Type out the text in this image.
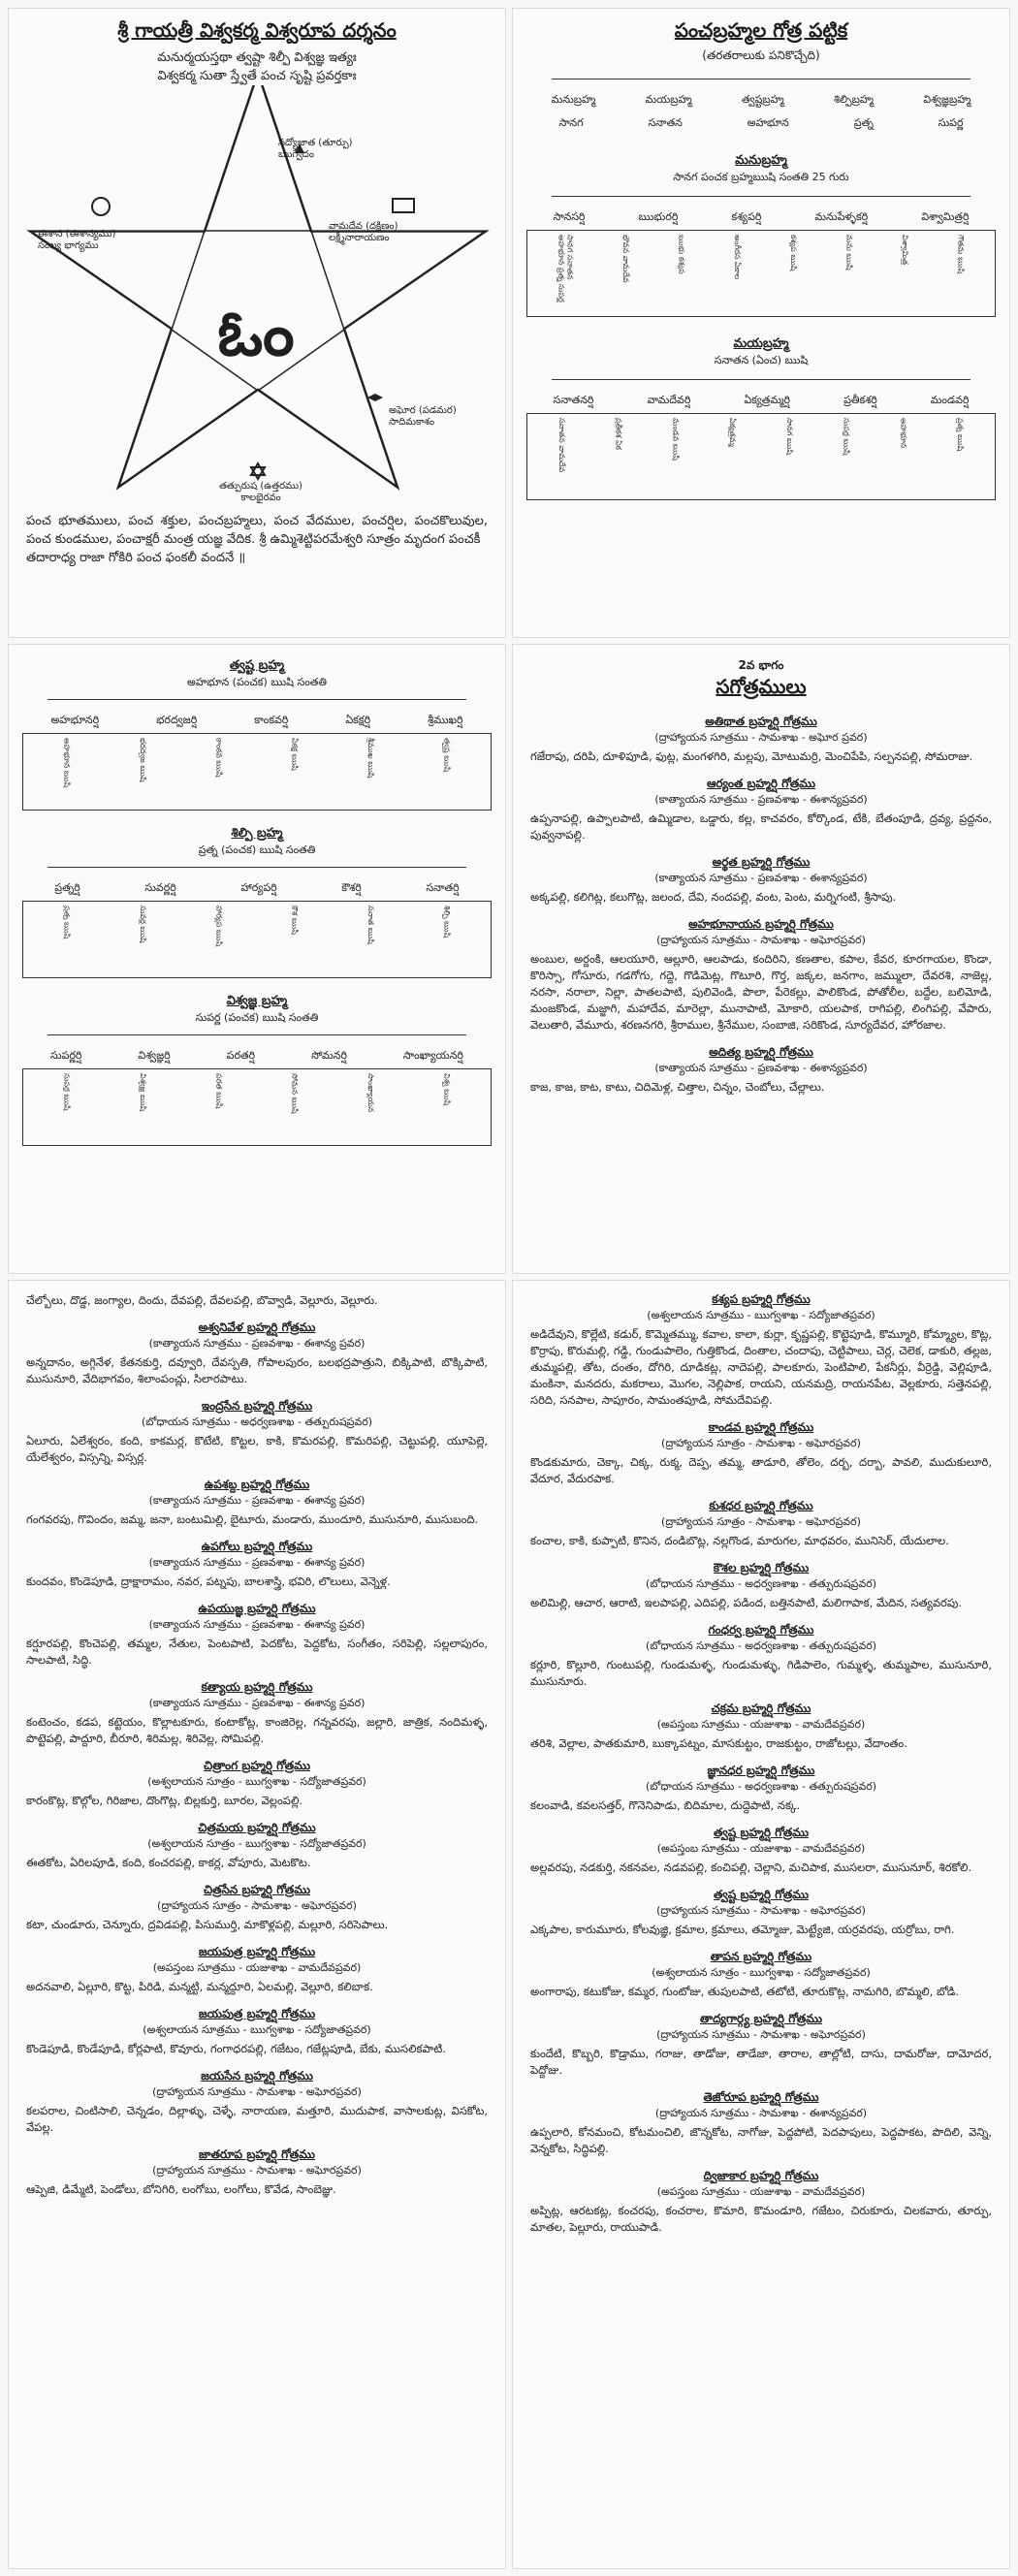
శ్రీ గాయత్రీ విశ్వకర్మ విశ్వరూప దర్శనం
మనుర్మయస్తథా త్వష్టా శిల్పీ విశ్వజ్ఞ ఇత్యః
విశ్వకర్మ సుతా స్త్వేతే పంచ సృష్టి ప్రవర్తకాః
ఓం
సద్యోజాత (తూర్పు) ఋగ్వేదం
ఈశాన (ఈశాన్యము) సంఖ్య భాగ్యము
వామదేవ (దక్షిణం) లక్ష్మీనారాయణం
అఘోర (పడమర) సాదిమకాశం
తత్పురుష (ఉత్తరము) కాలభైరవం
పంచ భూతములు, పంచ శక్తుల, పంచబ్రహ్మలు, పంచ వేదముల, పంచర్షిల, పంచకొలువుల, పంచ కుండముల, పంచాక్షరీ మంత్ర యజ్ఞ వేదిక. శ్రీ ఉమ్మిశెట్టిపరమేశ్వరి సూత్రం మృదంగ పంచకీ
తదారాధ్య రాజా గోకిరి పంచ ఫంకలీ వందనే ॥
పంచబ్రహ్మల గోత్ర పట్టిక
(తరతరాలుకు పనికొచ్చేది)
మనుబ్రహ్మ	మయబ్రహ్మ	త్వష్టబ్రహ్మ	శిల్పిబ్రహ్మ	విశ్వజ్ఞబ్రహ్మ
సానగ	సనాతన	అహభూన	ప్రత్న	సుపర్ణ
మనుబ్రహ్మ
సానగ పంచక బ్రహ్మఋషి సంతతి 25 గురు
సానసర్షి	ఋభురర్షి	కశ్యపర్షి	మనుపేళ్ళకర్షి	విశ్వామిత్రర్షి
సానగ సనాతన అహభూన ప్రత్న సుపర్ణ	భౌవన వామదేవ	ఋభు కశ్యప	అంగీరస ఏకాల	కశ్యప ఋషి	మను ఋషి	విశ్వామిత్ర	గౌతమ ఋషి
మయబ్రహ్మ
సనాతన (ఏంచ) ఋషి
సనాతనర్షి	వామదేవర్షి	ఏక్యత్రమ్మర్షి	ప్రతీకశర్షి	మండవర్షి
సనాతన వామదేవ	ప్రతీకశ ఏక	మండవ ఋషి	ఏక్యత్రమ్మ	సానగ ఋషి	సుపర్ణ ఋషి	అహభూన	ప్రత్న ఋషి
త్వష్ట బ్రహ్మ
అహభూన (పంచక) ఋషి సంతతి
అహభూనర్షి	భరద్వజర్షి	కాంకవర్షి	ఏకక్షర్షి	శ్రీముఖర్షి
అహభూన ఋషి	భరద్వజ ఋషి	కాంకవ ఋషి	ఏకక్ష ఋషి	శ్రీముఖ ఋషి	త్వష్ట ఋషి
శిల్పి బ్రహ్మ
ప్రత్న (పంచక) ఋషి సంతతి
ప్రత్నర్షి	సువర్ణర్షి	హార్యపర్షి	కౌశర్షి	సనాతర్షి
ప్రత్న ఋషి	సువర్ణ ఋషి	హార్యప ఋషి	కౌశ ఋషి	సనాత ఋషి	శిల్పి ఋషి
విశ్వజ్ఞ బ్రహ్మ
సుపర్ణ (పంచక) ఋషి సంతతి
సుపర్ణర్షి	విశ్వజ్ఞర్షి	పరతర్షి	సోమనర్షి	సాంఖ్యాయనర్షి
సుపర్ణ ఋషి	విశ్వజ్ఞ ఋషి	పరత ఋషి	సోమన ఋషి	సాంఖ్యాయన	విశ్వ ఋషి
2వ భాగం
సగోత్రములు
అతిథాత బ్రహ్మర్షి గోత్రము
(ద్రాహ్యాయన సూత్రము - సామశాఖ - అఘోర ప్రవర)
గజేరాపు, దరిపి, దూళిపూడి, ఫుట్ల, మంగళగిరి, మల్లపు, మోటుమర్రి, మెంచిపేపి, సల్పనపల్లి, సోమరాజు.
ఆర్యంత బ్రహ్మర్షి గోత్రము
(కాత్యాయన సూత్రము - ప్రణవశాఖ - ఈశాన్యప్రవర)
ఉప్పనాపల్లి, ఉప్పాలపాటి, ఉమ్మిడాల, ఒడ్డారు, కల్ల, కాచవరం, కోర్కొండ, టేకి, బేతంపూడి, ద్రవ్య, ప్రద్దనం, పువ్వనాపల్లి.
అర్థత బ్రహ్మర్షి గోత్రము
(కాత్యాయన సూత్రము - ప్రణవశాఖ - ఈశాన్యప్రవర)
అక్కపల్లి, కలిగిట్ల, కలుగొట్ల, జలంద, దేవి, నందపల్లి, వంట, పెంట, మర్నిగంటి, శ్రీసాపు.
అహభూనాయన బ్రహ్మర్షి గోత్రము
(ద్రాహ్యాయన సూత్రము - సామశాఖ - అఘోరప్రవర)
అంబుల, అర్దంకి, ఆలయూరి, ఆల్లూరి, ఆలపాడు, కందిరిని, కణతాల, కపాల, కేవర, కూరగాయల, కొండా, కొరిస్సా, గోసూరు, గడగోగు, గద్దె, గొడిమెట్ల, గొటూరి, గొర్త, జక్కల, జనగాం, జమ్ములా, దేవరశి, నాజెల్ల, నరసా, నరాలా, నిల్లా, పాతలపాటి, పులివెండి, పొలా, పేరెకల్లు, పాలికొండ, పోతోలీల, బద్దేల, బలిమోడి, మంజకొండ, మజ్జాగి, మహాదేవ, మారెల్లా, మునాపాటి, మోకారి, యలపాక, రాగిపల్లి, లింగిపల్లి, వేపారు, వెలుతారి, వేమూరు, శరణనగరి, శ్రీరాముల, శ్రీనేముల, సంబాజి, సరికొండ, సూర్యదేవర, హోరజాల.
అదిత్య బ్రహ్మర్షి గోత్రము
(కాత్యాయన సూత్రము - ప్రణవశాఖ - ఈశాన్యప్రవర)
కాజ, కాజ, కాట, కాటు, చిదిమెళ్ల, చిత్తాల, చిన్నం, చెంబోలు, చేల్లాలు.
చేల్బోలు, దొడ్డ, జంగ్యాల, దిందు, దేవపల్లి, దేవలపల్లి, బొవ్వాడి, వెల్లూరు, వెల్లూరు.
అశ్వనివేళ బ్రహ్మర్షి గోత్రము
(కాత్యాయన సూత్రము - ప్రణవశాఖ - ఈశాన్య ప్రవర)
అన్నదానం, అగ్గినేళ, కేతనకుర్తి, దవ్వూరి, దేవస్పతి, గోపాలపురం, బలభద్రపాత్రుని, బిక్కిపాటి, బొక్కిపాటి, ముసునూరి, వేదిభాగవం, శిలాంపంచ్లు, సిలారపాటు.
ఇంద్రసేన బ్రహ్మర్షి గోత్రము
(బోధాయన సూత్రము - అధర్వణశాఖ - తత్పురుషప్రవర)
ఏలూరు, ఏలేశ్వరం, కంది, కాకమర్ల, కొటేటి, కొట్టల, కాకి, కొమరపల్లి, కొమరిపల్లి, చెట్టుపల్లి, యూపెల్లె, యేలేశ్వరం, విస్సన్ని, విస్సర్ల.
ఉపశబ్ద బ్రహ్మర్షి గోత్రము
(కాత్యాయన సూత్రము - ప్రణవశాఖ - ఈశాన్య ప్రవర)
గంగవరపు, గొవిందం, జమ్మ, జనా, బంటుమిల్లి, బైటూరు, మండారు, ముందూరి, ముసునూరి, ముసుబంది.
ఉపగోలు బ్రహ్మర్షి గోత్రము
(కాత్యాయన సూత్రము - ప్రణవశాఖ - ఈశాన్య ప్రవర)
కుందవం, కొండెపూడి, ద్రాక్షారామం, నవర, పట్నపు, బాలశాస్త్రి, భవిరి, లొలులు, వెన్నెళ్ల.
ఉపయుజ్ఞ బ్రహ్మర్షి గోత్రము
(కాత్యాయన సూత్రము - ప్రణవశాఖ - ఈశాన్య ప్రవర)
కర్షూరపల్లి, కొంచెపల్లి, తమ్మల, నేతుల, పెంటపాటి, పెదకోట, పెద్దకోట, సంగీతం, సరిపెల్లి, సల్లలాపురం, సాలపాటి, సిద్ధి.
కత్యాయ బ్రహ్మర్షి గోత్రము
(కాత్యాయన సూత్రము - ప్రణవశాఖ - ఈశాన్య ప్రవర)
కంటెంచం, కడప, కట్టెయం, కొల్లాటకూరు, కంటాకోట్ల, కాంజిరెల్ల, గన్నవరపు, జల్లారి, జాత్రిక, నందిమళ్ళ, పొట్టెపల్లి, పాద్దూరి, బీరూరి, శిరిమల్ల, శిరివెల్ల, సోమిపల్లి.
చిత్రాంగ బ్రహ్మర్షి గోత్రము
(అశ్వలాయన సూత్రం - ఋగ్వశాఖ - సద్యోజాతప్రవర)
కారంకొట్ల, కొల్గోల, గిరిజాల, దొంగొట్ల, బిల్లకుర్తి, బూరల, వెల్లంపల్లి.
చిత్రమయ బ్రహ్మర్షి గోత్రము
(అశ్వలాయన సూత్రం - ఋగ్వశాఖ - సద్యోజాతప్రవర)
ఈతకోట, ఏరిలపూడి, కంది, కంచరపల్లి, కాకర్ల, వోపూరు, మెటకొట.
చిత్రసేన బ్రహ్మర్షి గోత్రము
(ద్రాహ్యాయన సూత్రం - సామశాఖ - అఘోరప్రవర)
కటా, చుండూరు, చెన్నూరు, ద్రవిడపల్లి, పిసుముర్తి, మాకొళ్లపల్లి, మల్లూరి, సరిసెపాలు.
జయపుత్ర బ్రహ్మర్షి గోత్రము
(అపస్తంబ సూత్రము - యజుశాఖ - వామదేవప్రవర)
అదనవాలి, ఏల్లూరి, కొట్ట, పిరిడి, మన్మట్టి, మన్మద్దూరి, ఏలమల్లి, వెల్లూరి, కలిబాక.
జయపుత్ర బ్రహ్మర్షి గోత్రము
(అశ్వలాయన సూత్రము - ఋగ్వశాఖ - సద్యోజాతప్రవర)
కొండెపూడి, కొండేపూడి, కోర్లపాటి, కొవూరు, గంగాధరపల్లి, గజేటం, గజేట్లపూడి, బేకు, ముసలికపాటి.
జయసేన బ్రహ్మర్షి గోత్రము
(ద్రాహ్యాయన సూత్రము - సామశాఖ - అఘోరప్రవర)
కలపరాల, చింటిసాలి, చెన్నడం, దిల్లాళ్ళు, చెళ్ళే, నారాయణ, మత్తూరి, ముదుపాక, వాసాలకుట్ల, విసకోట, వేపల్ల.
జాతరూప బ్రహ్మర్షి గోత్రము
(ద్రాహ్యాయన సూత్రము - సామశాఖ - అఘోరప్రవర)
ఆప్పెజి, డిమ్మేటి, పెండోలు, బోనిగిరి, లంగోబు, లంగోలు, కొవేడ, సాంబెజ్ఞు.
కశ్యప బ్రహ్మర్షి గోత్రము
(అశ్వలాయన సూత్రము - ఋగ్వశాఖ - సద్యోజాతప్రవర)
అడిదేవుని, కొల్లేటి, కడుర్, కొమ్మెతమ్ము, కవాల, కాలా, కుర్లా, కృష్ణపల్లి, కొట్టెపూడి, కొమ్మూరి, కోమ్మ్యాల, కొట్ల, కొర్రాపు, కొరుమల్లి, గడ్డి, గుండుపాలెం, గుత్తికొండ, దింతాల, చందాపు, చెట్టిపాలు, చెర్ల, చెలెక, డాకురి, తల్లజ, తుమ్మపల్లి, తోట, దంతం, దోగిరి, దూడికట్ల, నాదెపల్లి, పాలకూరు, పెంటిపాలి, పేకనీర్లు, వీర్రెడ్డి, వెల్లిపూడి, మంకినా, మనదరు, మకరాలు, మొగల, నెల్లిపాక, రాయని, యనమద్రి, రాయనపేట, వెల్లకూరు, సత్తెనపల్లి, సరిది, సనపాల, సాపూరం, సామంతపూడి, సోమదేవిపల్లి.
కాండవ బ్రహ్మర్షి గోత్రము
(ద్రాహ్యాయన సూత్రం - సామశాఖ - అఘోరప్రవర)
కొండకుమారు, చెక్కా, చిక్క, రుక్మ, దెప్ప, తమ్మ, తాడూరి, తోలెం, దర్బ, దర్బా, పావలి, ముదుకులూరి, వేదూర, వేదురపాక.
కుశధర బ్రహ్మర్షి గోత్రము
(ద్రాహ్యాయన సూత్రం - సామశాఖ - అఘోరప్రవర)
కంచాల, కాకి, కుప్పాటి, కొనిన, దండిబొట్ల, నల్లగొండ, మారుగల, మాధవరం, మునిసెర్, యేదులాల.
కౌశల బ్రహ్మర్షి గోత్రము
(బోధాయన సూత్రము - అధర్వణశాఖ - తత్పురుషప్రవర)
అలిమిల్లి, ఆచార, ఆరాటి, ఇలపాపల్లి, ఎదిపల్లి, పడింద, బత్తినపాటి, మలిగాపాక, మేదిన, సత్యవరపు.
గంధర్వ బ్రహ్మర్షి గోత్రము
(బోధాయన సూత్రము - అధర్వణశాఖ - తత్పురుషప్రవర)
కర్లూరి, కొల్లూరి, గుంటుపల్లి, గుండుమళ్ళ, గుండుమళ్ళు, గిడిపాలెం, గుమ్మళ్ళ, తుమ్మపాల, ముసునూరి, ముసునూరు.
చక్రమ బ్రహ్మర్షి గోత్రము
(అపస్తంబ సూత్రము - యజుశాఖ - వామదేవప్రవర)
తరిశి, వెల్లాల, పాతకుమారి, బుక్కాపట్నం, మాసకుట్టం, రాజకుట్టం, రాజోటల్లు, వేదాంతం.
జ్ఞానధర బ్రహ్మర్షి గోత్రము
(బోధాయన సూత్రము - అధర్వణశాఖ - తత్పురుషప్రవర)
కలంవాడి, కవలసత్తర్, గొనెనిపాడు, బిదిమాల, దుద్దెపాటి, నక్క.
త్వష్ట బ్రహ్మర్షి గోత్రము
(అపస్తంబ సూత్రము - యజుశాఖ - వామదేవప్రవర)
అల్లవరపు, నడకుర్తి, నకనవల, నడవపల్లి, కంచిపల్లి, చెల్లాని, మచిపాక, ముసలరా, ముసునూర్, శిరకోలి.
త్వష్ట బ్రహ్మర్షి గోత్రము
(ద్రాహ్యాయన సూత్రము - సామశాఖ - అఘోరప్రవర)
ఎక్కపాల, కారుమూరు, కోలవుజ్ఞి, క్రమాల, క్రమాలు, తమ్మోజు, మెట్ట్యేజి, యర్రవరపు, యర్రోబు, రాగి.
తాపన బ్రహ్మర్షి గోత్రము
(అశ్వలాయన సూత్రం - ఋగ్వశాఖ - సద్యోజాతప్రవర)
అంగారాపు, కటుకోజు, కమ్మర, గుంటోజు, తుపులపాటి, తటోటి, తూరుకొట్ల, నామగిరి, బొమ్మలి, బోడి.
తాద్యగార్గ్య బ్రహ్మర్షి గోత్రము
(ద్రాహ్యాయన సూత్రము - సామశాఖ - అఘోరప్రవర)
కుందేటి, కొబ్బరి, కొడ్రాము, గరాజు, తాడోజు, తాడేజా, తారాల, తాల్లోటి, దాసు, దామరోజు, దామోదర, పెద్దోజు.
తెజోరూప బ్రహ్మర్షి గోత్రము
(ద్రాహ్యాయన సూత్రము - సామశాఖ - ఈశాన్యప్రవర)
ఉప్పలారి, కోనమంచి, కోటమంచిలి, జొన్నకోట, నాగోజు, పెద్దపోటి, పెదపాపులు, పెద్దపాకట, పొదిలి, వెన్ని, వెన్నకోట, సిద్ధిపల్లి.
ద్విజాకార బ్రహ్మర్షి గోత్రము
(అపస్తంబ సూత్రము - యజుశాఖ - వామదేవప్రవర)
అప్పిట్ల, ఆరటకట్ల, కంచరపు, కంచరాల, కొమారి, కొమండూరి, గజేటం, చిరుకూరు, చిలకవారు, తూర్పు, మాతల, పెల్లూరు, రాయుపాడి.
